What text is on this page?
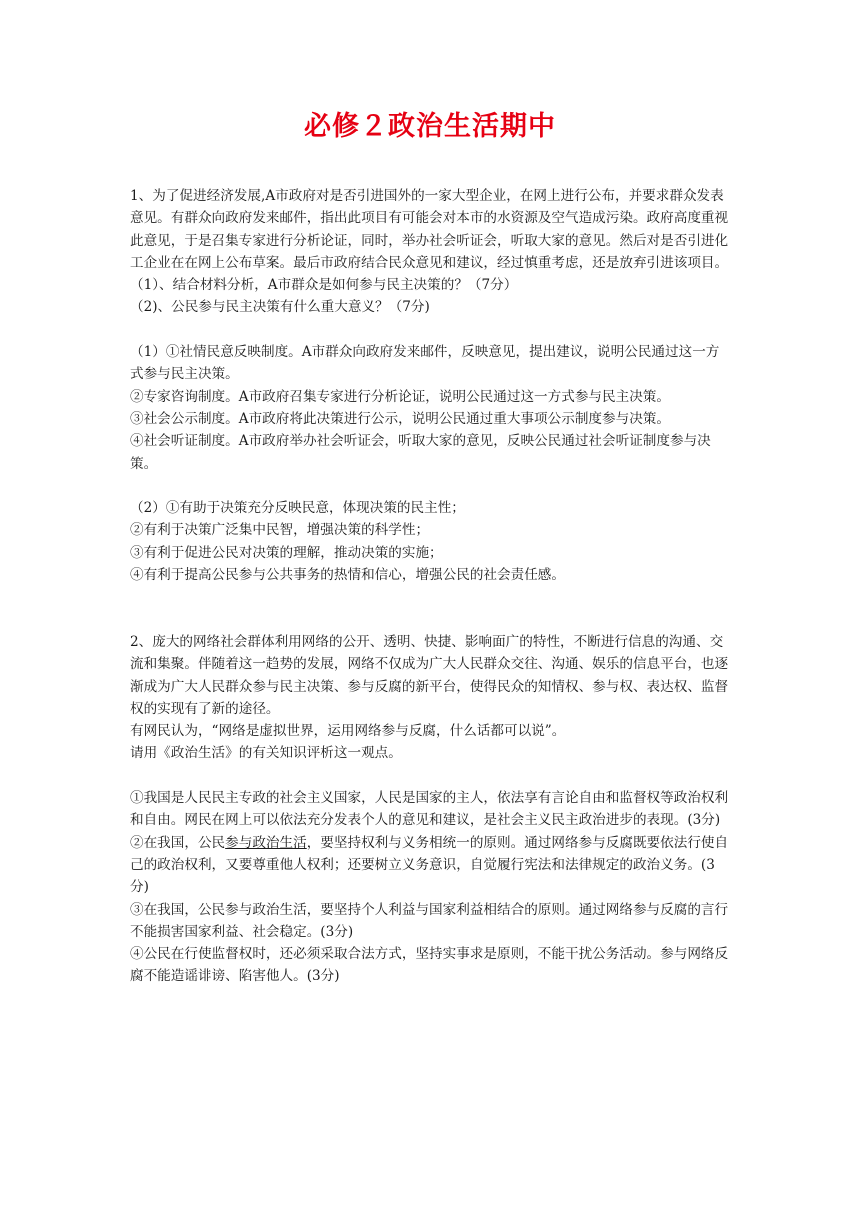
必修２政治生活期中

1、为了促进经济发展,A市政府对是否引进国外的一家大型企业，在网上进行公布，并要求群众发表意见。有群众向政府发来邮件，指出此项目有可能会对本市的水资源及空气造成污染。政府高度重视此意见，于是召集专家进行分析论证，同时，举办社会听证会，听取大家的意见。然后对是否引进化工企业在在网上公布草案。最后市政府结合民众意见和建议，经过慎重考虑，还是放弃引进该项目。

（1）、结合材料分析，A市群众是如何参与民主决策的？（7分）

（2)、公民参与民主决策有什么重大意义？（7分)

（1）①社情民意反映制度。A市群众向政府发来邮件，反映意见，提出建议，说明公民通过这一方式参与民主决策。

②专家咨询制度。A市政府召集专家进行分析论证，说明公民通过这一方式参与民主决策。

③社会公示制度。A市政府将此决策进行公示，说明公民通过重大事项公示制度参与决策。

④社会听证制度。A市政府举办社会听证会，听取大家的意见，反映公民通过社会听证制度参与决策。

（2）①有助于决策充分反映民意，体现决策的民主性；

②有利于决策广泛集中民智，增强决策的科学性；

③有利于促进公民对决策的理解，推动决策的实施；

④有利于提高公民参与公共事务的热情和信心，增强公民的社会责任感。

2、庞大的网络社会群体利用网络的公开、透明、快捷、影响面广的特性，不断进行信息的沟通、交流和集聚。伴随着这一趋势的发展，网络不仅成为广大人民群众交往、沟通、娱乐的信息平台，也逐渐成为广大人民群众参与民主决策、参与反腐的新平台，使得民众的知情权、参与权、表达权、监督权的实现有了新的途径。

有网民认为，“网络是虚拟世界，运用网络参与反腐，什么话都可以说”。

请用《政治生活》的有关知识评析这一观点。

①我国是人民民主专政的社会主义国家，人民是国家的主人，依法享有言论自由和监督权等政治权利和自由。网民在网上可以依法充分发表个人的意见和建议，是社会主义民主政治进步的表现。(3分)

②在我国，公民参与政治生活，要坚持权利与义务相统一的原则。通过网络参与反腐既要依法行使自己的政治权利，又要尊重他人权利；还要树立义务意识，自觉履行宪法和法律规定的政治义务。(3分)

③在我国，公民参与政治生活，要坚持个人利益与国家利益相结合的原则。通过网络参与反腐的言行不能损害国家利益、社会稳定。(3分)

④公民在行使监督权时，还必须采取合法方式，坚持实事求是原则，不能干扰公务活动。参与网络反腐不能造谣诽谤、陷害他人。(3分)
